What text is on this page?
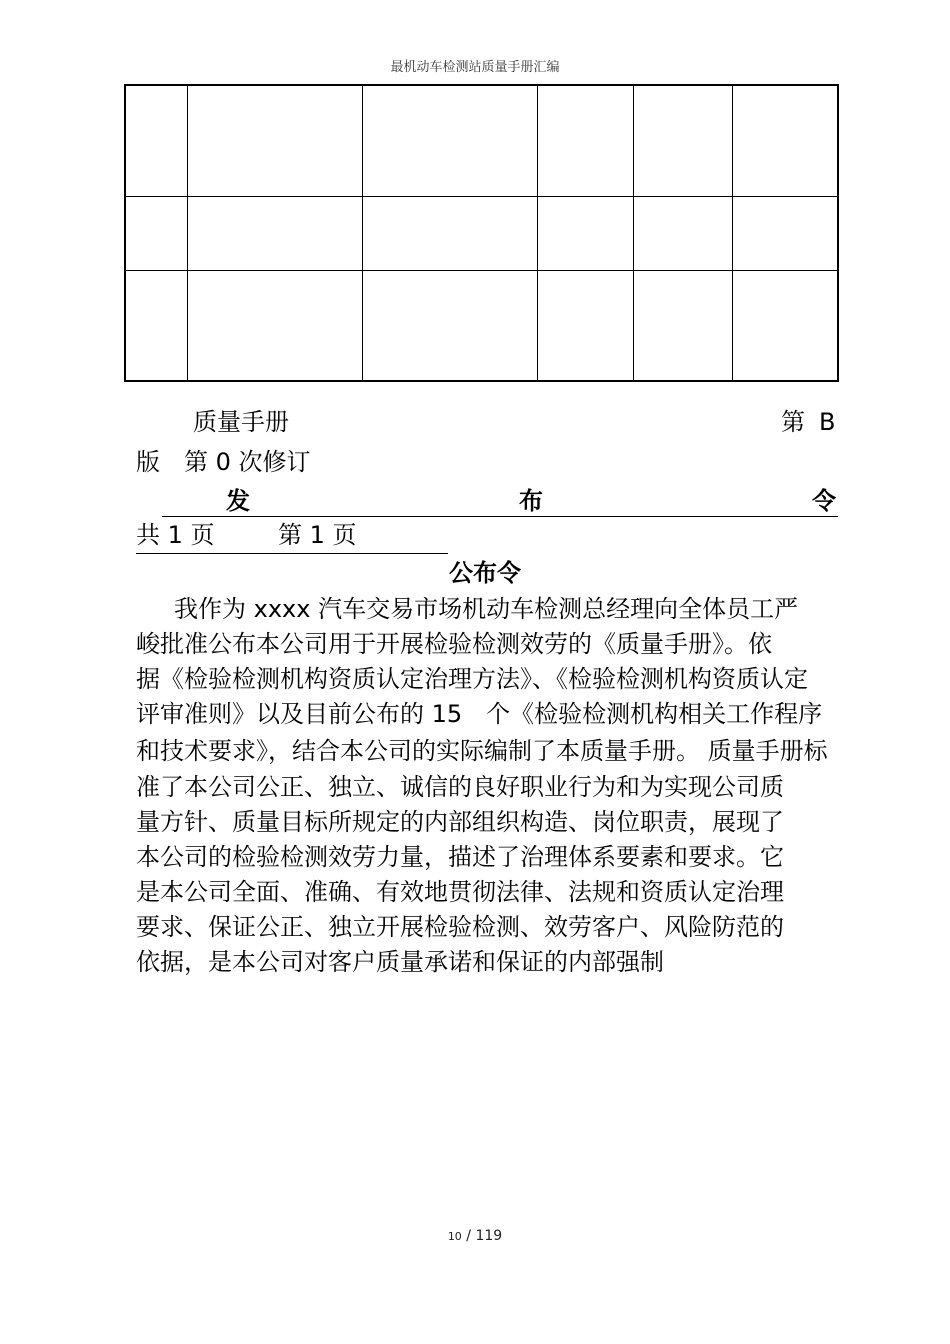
最机动车检测站质量手册汇编

质量手册	第 B
版　第 0 次修订
发	布	令
共 1 页	第 1 页
公布令
我作为 xxxx 汽车交易市场机动车检测总经理向全体员工严
峻批准公布本公司用于开展检验检测效劳的《质量手册》。依
据《检验检测机构资质认定治理方法》、《检验检测机构资质认定
评审准则》以及目前公布的 15　个《检验检测机构相关工作程序
和技术要求》，结合本公司的实际编制了本质量手册。 质量手册标
准了本公司公正、独立、诚信的良好职业行为和为实现公司质
量方针、质量目标所规定的内部组织构造、岗位职责，展现了
本公司的检验检测效劳力量，描述了治理体系要素和要求。它
是本公司全面、准确、有效地贯彻法律、法规和资质认定治理
要求、保证公正、独立开展检验检测、效劳客户、风险防范的
依据，是本公司对客户质量承诺和保证的内部强制
10 / 119
